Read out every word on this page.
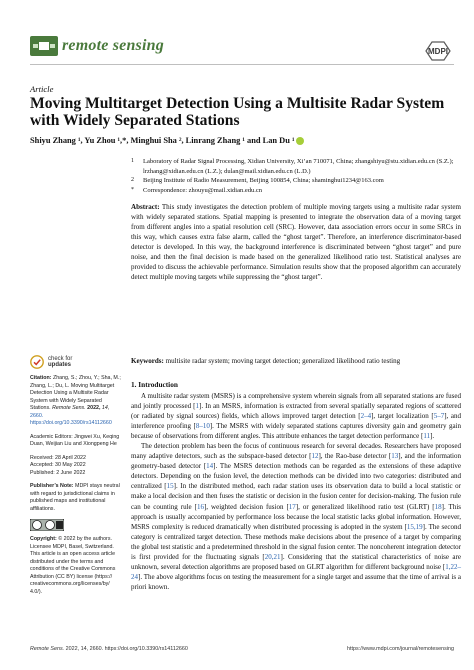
remote sensing	MDPI
Article
Moving Multitarget Detection Using a Multisite Radar System with Widely Separated Stations
Shiyu Zhang ¹, Yu Zhou ¹,*, Minghui Sha ², Linrang Zhang ¹ and Lan Du ¹
1	Laboratory of Radar Signal Processing, Xidian University, Xi’an 710071, China; zhangshiyu@stu.xidian.edu.cn (S.Z.); lrzhang@xidian.edu.cn (L.Z.); dulan@mail.xidian.edu.cn (L.D.)
2	Beijing Institute of Radio Measurement, Beijing 100854, China; shaminghui1234@163.com
*	Correspondence: zhouyu@mail.xidian.edu.cn
Abstract: This study investigates the detection problem of multiple moving targets using a multisite radar system with widely separated stations. Spatial mapping is presented to integrate the observation data of a moving target from different angles into a spatial resolution cell (SRC). However, data association errors occur in some SRCs in this way, which causes extra false alarm, called the “ghost target”. Therefore, an interference discriminator-based detector is developed. In this way, the background interference is discriminated between “ghost target” and pure noise, and then the final decision is made based on the generalized likelihood ratio test. Statistical analyses are provided to discuss the achievable performance. Simulation results show that the proposed algorithm can accurately detect multiple moving targets while suppressing the “ghost target”.
Keywords: multisite radar system; moving target detection; generalized likelihood ratio testing
check for
updates
Citation: Zhang, S.; Zhou, Y.; Sha, M.; Zhang, L.; Du, L. Moving Multitarget Detection Using a Multisite Radar System with Widely Separated Stations. Remote Sens. 2022, 14, 2660. https://doi.org/10.3390/rs14112660
Academic Editors: Jingwei Xu, Keqing Duan, Weijian Liu and Xiongpeng He
Received: 28 April 2022
Accepted: 30 May 2022
Published: 2 June 2022
Publisher’s Note: MDPI stays neutral with regard to jurisdictional claims in published maps and institutional affiliations.
Copyright: © 2022 by the authors. Licensee MDPI, Basel, Switzerland. This article is an open access article distributed under the terms and conditions of the Creative Commons Attribution (CC BY) license (https:// creativecommons.org/licenses/by/ 4.0/).
1. Introduction

A multisite radar system (MSRS) is a comprehensive system wherein signals from all separated stations are fused and jointly processed [1]. In an MSRS, information is extracted from several spatially separated regions of scattered (or radiated by signal sources) fields, which allows improved target detection [2–4], target localization [5–7], and interference proofing [8–10]. The MSRS with widely separated stations captures diversity gain and geometry gain because of observations from different angles. This attribute enhances the target detection performance [11].

The detection problem has been the focus of continuous research for several decades. Researchers have proposed many adaptive detectors, such as the subspace-based detector [12], the Rao-base detector [13], and the information geometry-based detector [14]. The MSRS detection methods can be regarded as the extensions of these adaptive detectors. Depending on the fusion level, the detection methods can be divided into two categories: distributed and centralized [15]. In the distributed method, each radar station uses its observation data to build a local statistic or make a local decision and then fuses the statistic or decision in the fusion center for decision-making. The fusion rule can be counting rule [16], weighted decision fusion [17], or generalized likelihood ratio test (GLRT) [18]. This approach is usually accompanied by performance loss because the local statistic lacks global information. However, MSRS complexity is reduced dramatically when distributed processing is adopted in the system [15,19]. The second category is centralized target detection. These methods make decisions about the presence of a target by comparing the global test statistic and a predetermined threshold in the signal fusion center. The noncoherent integration detector is first provided for the fluctuating signals [20,21]. Considering that the statistical characteristics of noise are unknown, several detection algorithms are proposed based on GLRT algorithm for different background noise [1,22–24]. The above algorithms focus on testing the measurement for a single target and assume that the time of arrival is a priori known.

Remote Sens. 2022, 14, 2660. https://doi.org/10.3390/rs14112660	https://www.mdpi.com/journal/remotesensing
